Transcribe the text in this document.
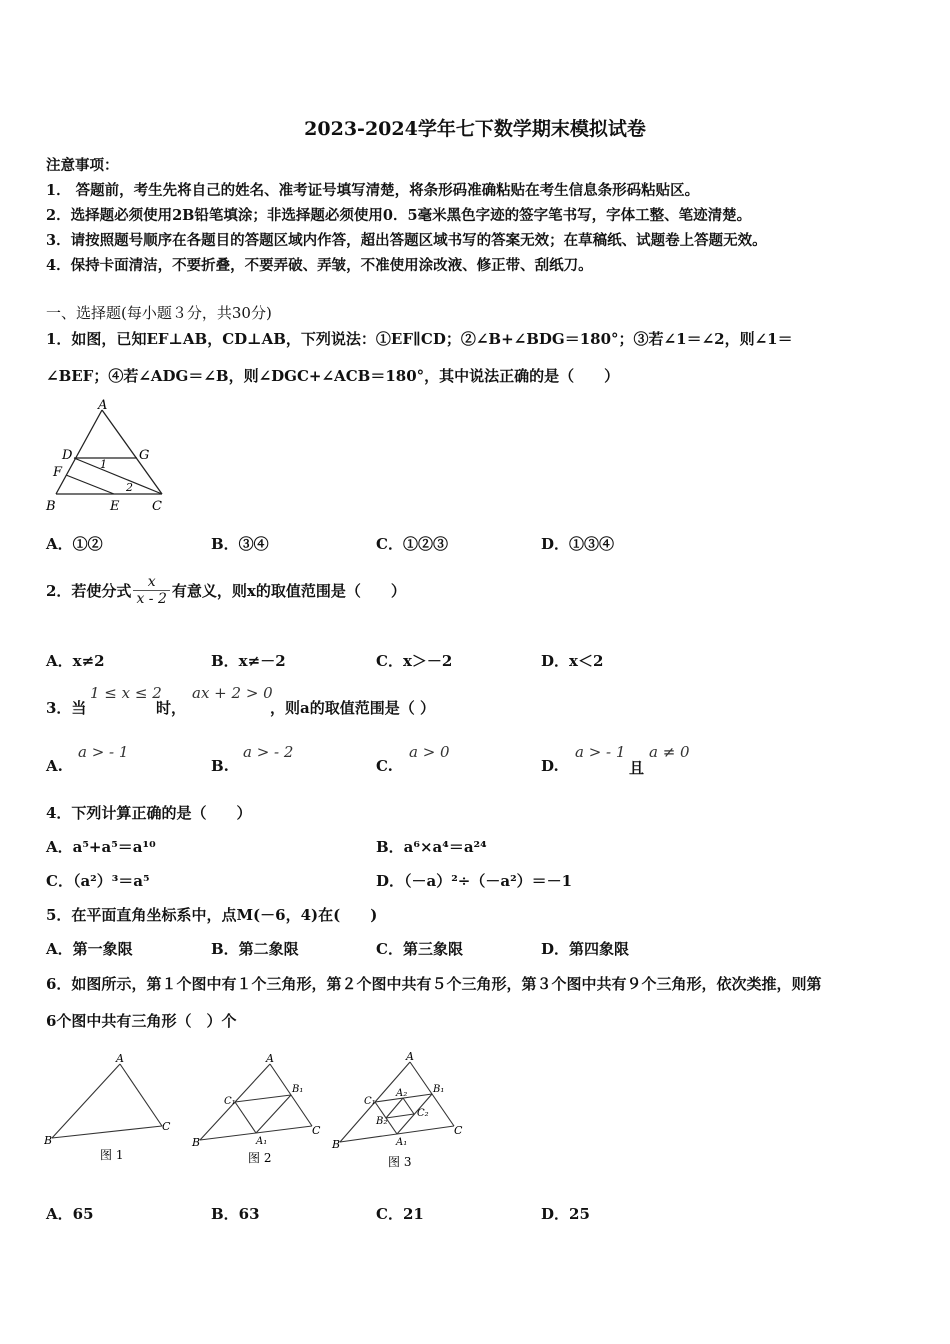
2023-2024学年七下数学期末模拟试卷
注意事项：
1． 答题前，考生先将自己的姓名、准考证号填写清楚，将条形码准确粘贴在考生信息条形码粘贴区。
2．选择题必须使用2B铅笔填涂；非选择题必须使用0．5毫米黑色字迹的签字笔书写，字体工整、笔迹清楚。
3．请按照题号顺序在各题目的答题区域内作答，超出答题区域书写的答案无效；在草稿纸、试题卷上答题无效。
4．保持卡面清洁，不要折叠，不要弄破、弄皱，不准使用涂改液、修正带、刮纸刀。
一、选择题(每小题３分，共30分)
1．如图，已知EF⊥AB，CD⊥AB，下列说法：①EF∥CD；②∠B+∠BDG＝180°；③若∠1＝∠2，则∠1＝
∠BEF；④若∠ADG＝∠B，则∠DGC+∠ACB＝180°，其中说法正确的是（　　）
A
D	G
F
1
2
B	E	C
A．①②	B．③④	C．①②③	D．①③④
2．若使分式 $\frac{x}{x - 2}$ 有意义，则x的取值范围是（　　）
A．x≠2	B．x≠－2	C．x＞－2	D．x＜2
3．当
1 ≤ x ≤ 2
时，
ax + 2 > 0
，则a的取值范围是（ ）
A.
a > - 1
B.
a > - 2
C.
a > 0
D.
a > - 1
且
a ≠ 0
4．下列计算正确的是（　　）
A．a⁵+a⁵＝a¹⁰	B．a⁶×a⁴＝a²⁴
C．（a²）³＝a⁵	D．（－a）²÷（－a²）＝－1
5．在平面直角坐标系中，点M(－6，4)在(　　)
A．第一象限	B．第二象限	C．第三象限	D．第四象限
6．如图所示，第１个图中有１个三角形，第２个图中共有５个三角形，第３个图中共有９个三角形，依次类推，则第
6个图中共有三角形（　）个
A
B
C
图 1
A
C₁
B₁
B	A₁
C
图 2
A
C₁
A₂	B₁
C₂
B₂
A₁
B
C
图 3
A．65	B．63	C．21	D．25
